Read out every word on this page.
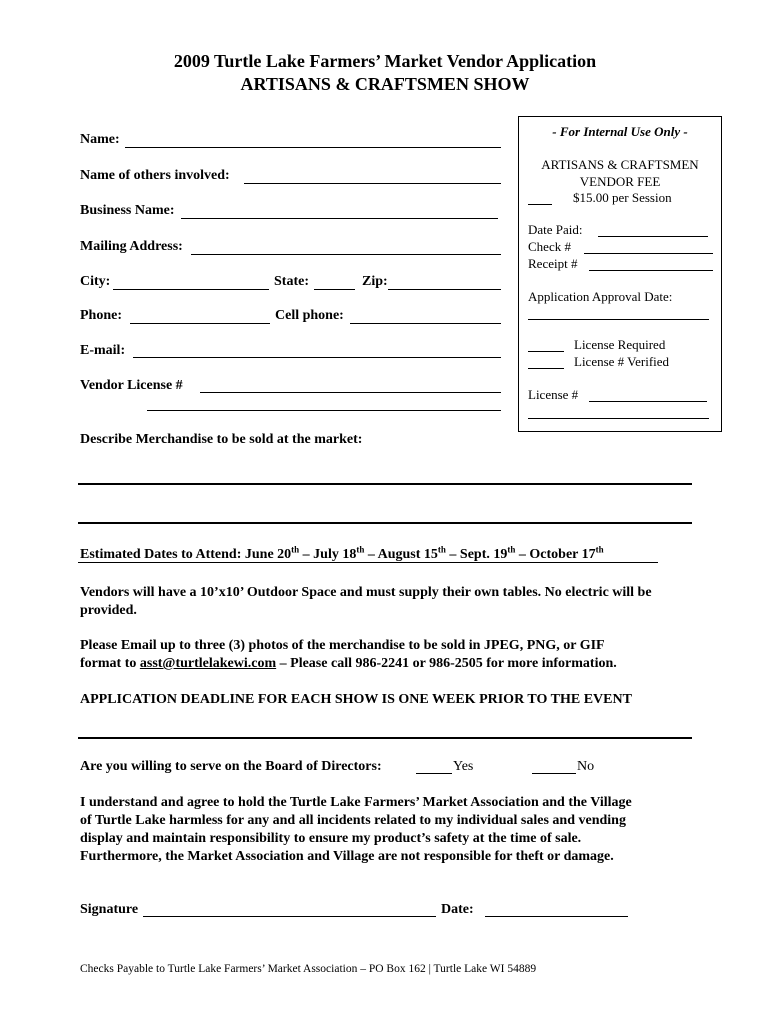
2009 Turtle Lake Farmers’ Market Vendor Application
ARTISANS & CRAFTSMEN SHOW
Name:
Name of others involved:
Business Name:
Mailing Address:
City:	State:	Zip:
Phone:	Cell phone:
E-mail:
Vendor License #
- For Internal Use Only -
ARTISANS & CRAFTSMEN
VENDOR FEE
$15.00 per Session
Date Paid:
Check #
Receipt #
Application Approval Date:
License Required
License # Verified
License #
Describe Merchandise to be sold at the market:
Estimated Dates to Attend: June 20th – July 18th – August 15th – Sept. 19th – October 17th
Vendors will have a 10’x10’ Outdoor Space and must supply their own tables. No electric will be provided.
Please Email up to three (3) photos of the merchandise to be sold in JPEG, PNG, or GIF
format to asst@turtlelakewi.com – Please call 986-2241 or 986-2505 for more information.
APPLICATION DEADLINE FOR EACH SHOW IS ONE WEEK PRIOR TO THE EVENT
Are you willing to serve on the Board of Directors:	Yes	No
I understand and agree to hold the Turtle Lake Farmers’ Market Association and the Village
of Turtle Lake harmless for any and all incidents related to my individual sales and vending
display and maintain responsibility to ensure my product’s safety at the time of sale.
Furthermore, the Market Association and Village are not responsible for theft or damage.
Signature	Date:
Checks Payable to Turtle Lake Farmers’ Market Association – PO Box 162 | Turtle Lake WI 54889
